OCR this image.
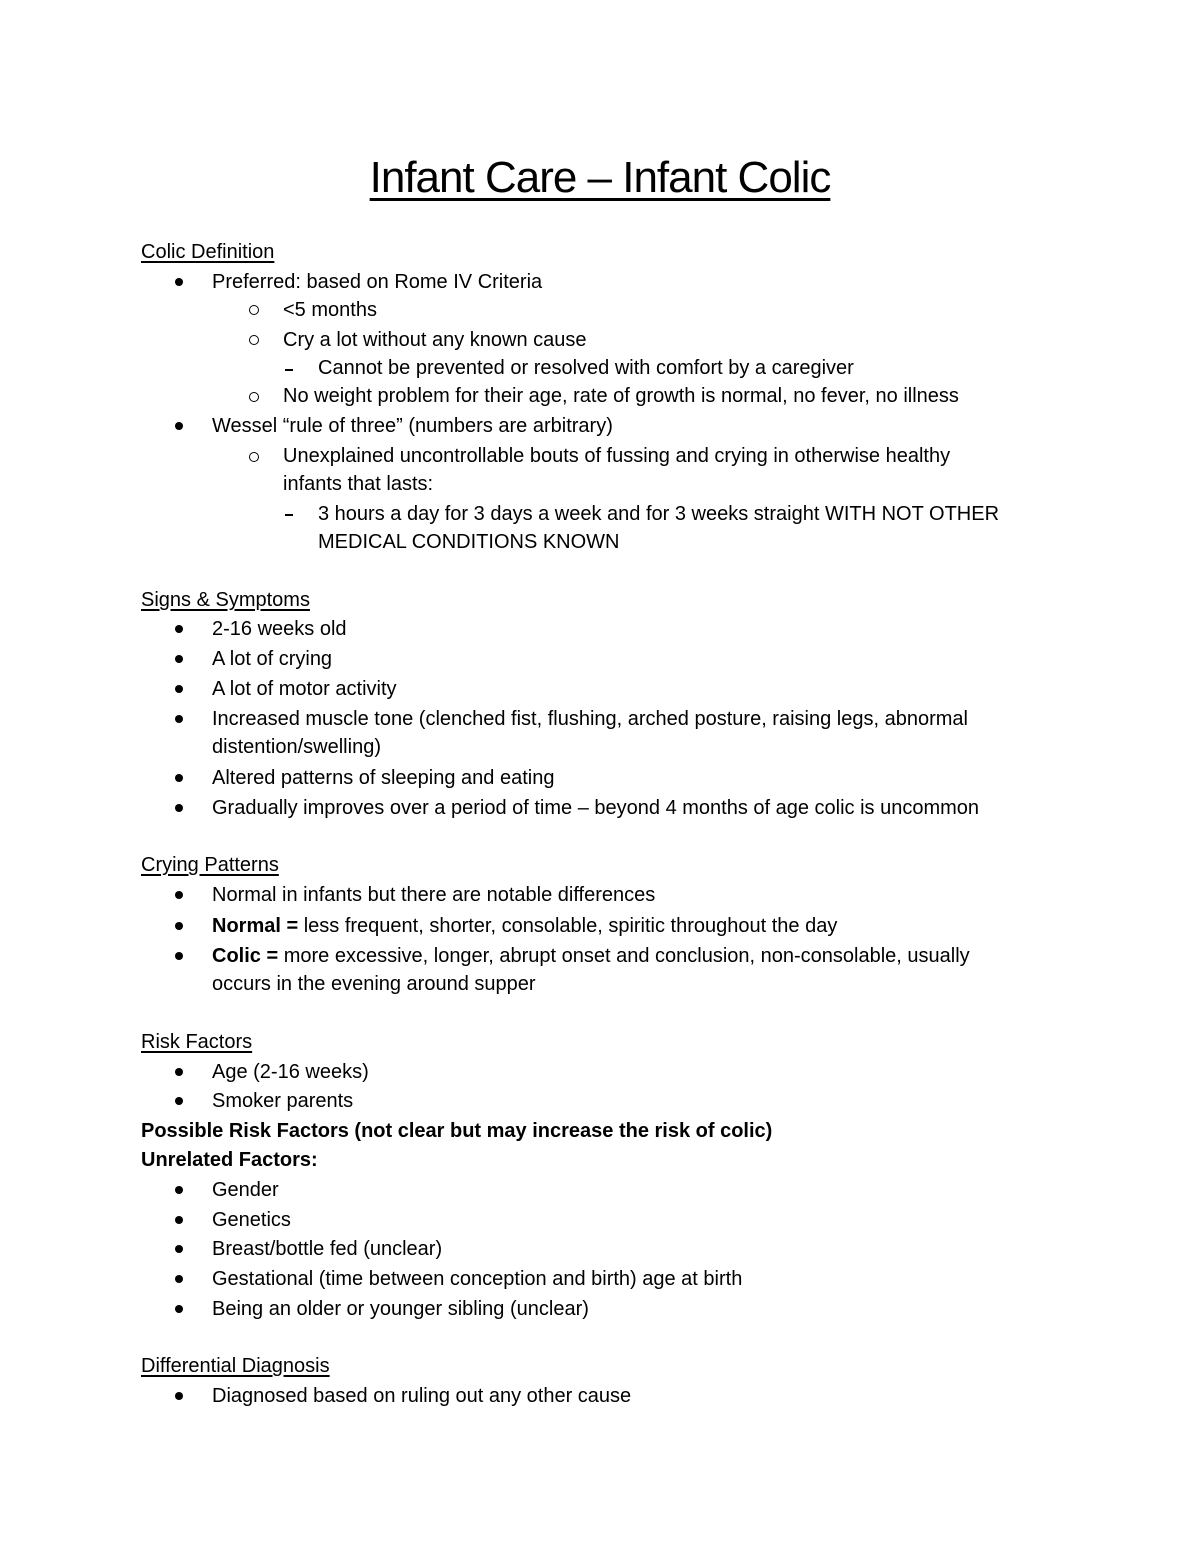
Infant Care – Infant Colic
Colic Definition
Preferred: based on Rome IV Criteria
<5 months
Cry a lot without any known cause
Cannot be prevented or resolved with comfort by a caregiver
No weight problem for their age, rate of growth is normal, no fever, no illness
Wessel “rule of three” (numbers are arbitrary)
Unexplained uncontrollable bouts of fussing and crying in otherwise healthy
infants that lasts:
3 hours a day for 3 days a week and for 3 weeks straight WITH NOT OTHER
MEDICAL CONDITIONS KNOWN
Signs & Symptoms
2-16 weeks old
A lot of crying
A lot of motor activity
Increased muscle tone (clenched fist, flushing, arched posture, raising legs, abnormal
distention/swelling)
Altered patterns of sleeping and eating
Gradually improves over a period of time – beyond 4 months of age colic is uncommon
Crying Patterns
Normal in infants but there are notable differences
Normal = less frequent, shorter, consolable, spiritic throughout the day
Colic = more excessive, longer, abrupt onset and conclusion, non-consolable, usually
occurs in the evening around supper
Risk Factors
Age (2-16 weeks)
Smoker parents
Possible Risk Factors (not clear but may increase the risk of colic)
Unrelated Factors:
Gender
Genetics
Breast/bottle fed (unclear)
Gestational (time between conception and birth) age at birth
Being an older or younger sibling (unclear)
Differential Diagnosis
Diagnosed based on ruling out any other cause
